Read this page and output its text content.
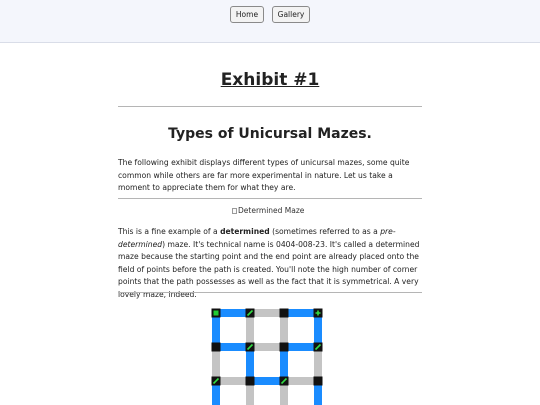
Home	Gallery
Exhibit #1
Types of Unicursal Mazes.

The following exhibit displays different types of unicursal mazes, some quite common while others are far more experimental in nature. Let us take a moment to appreciate them for what they are.

Determined Maze

This is a fine example of a determined (sometimes referred to as a pre-determined) maze. It's technical name is 0404-008-23. It's called a determined maze because the starting point and the end point are already placed onto the field of points before the path is created. You'll note the high number of corner points that the path possesses as well as the fact that it is symmetrical. A very lovely maze, indeed.
